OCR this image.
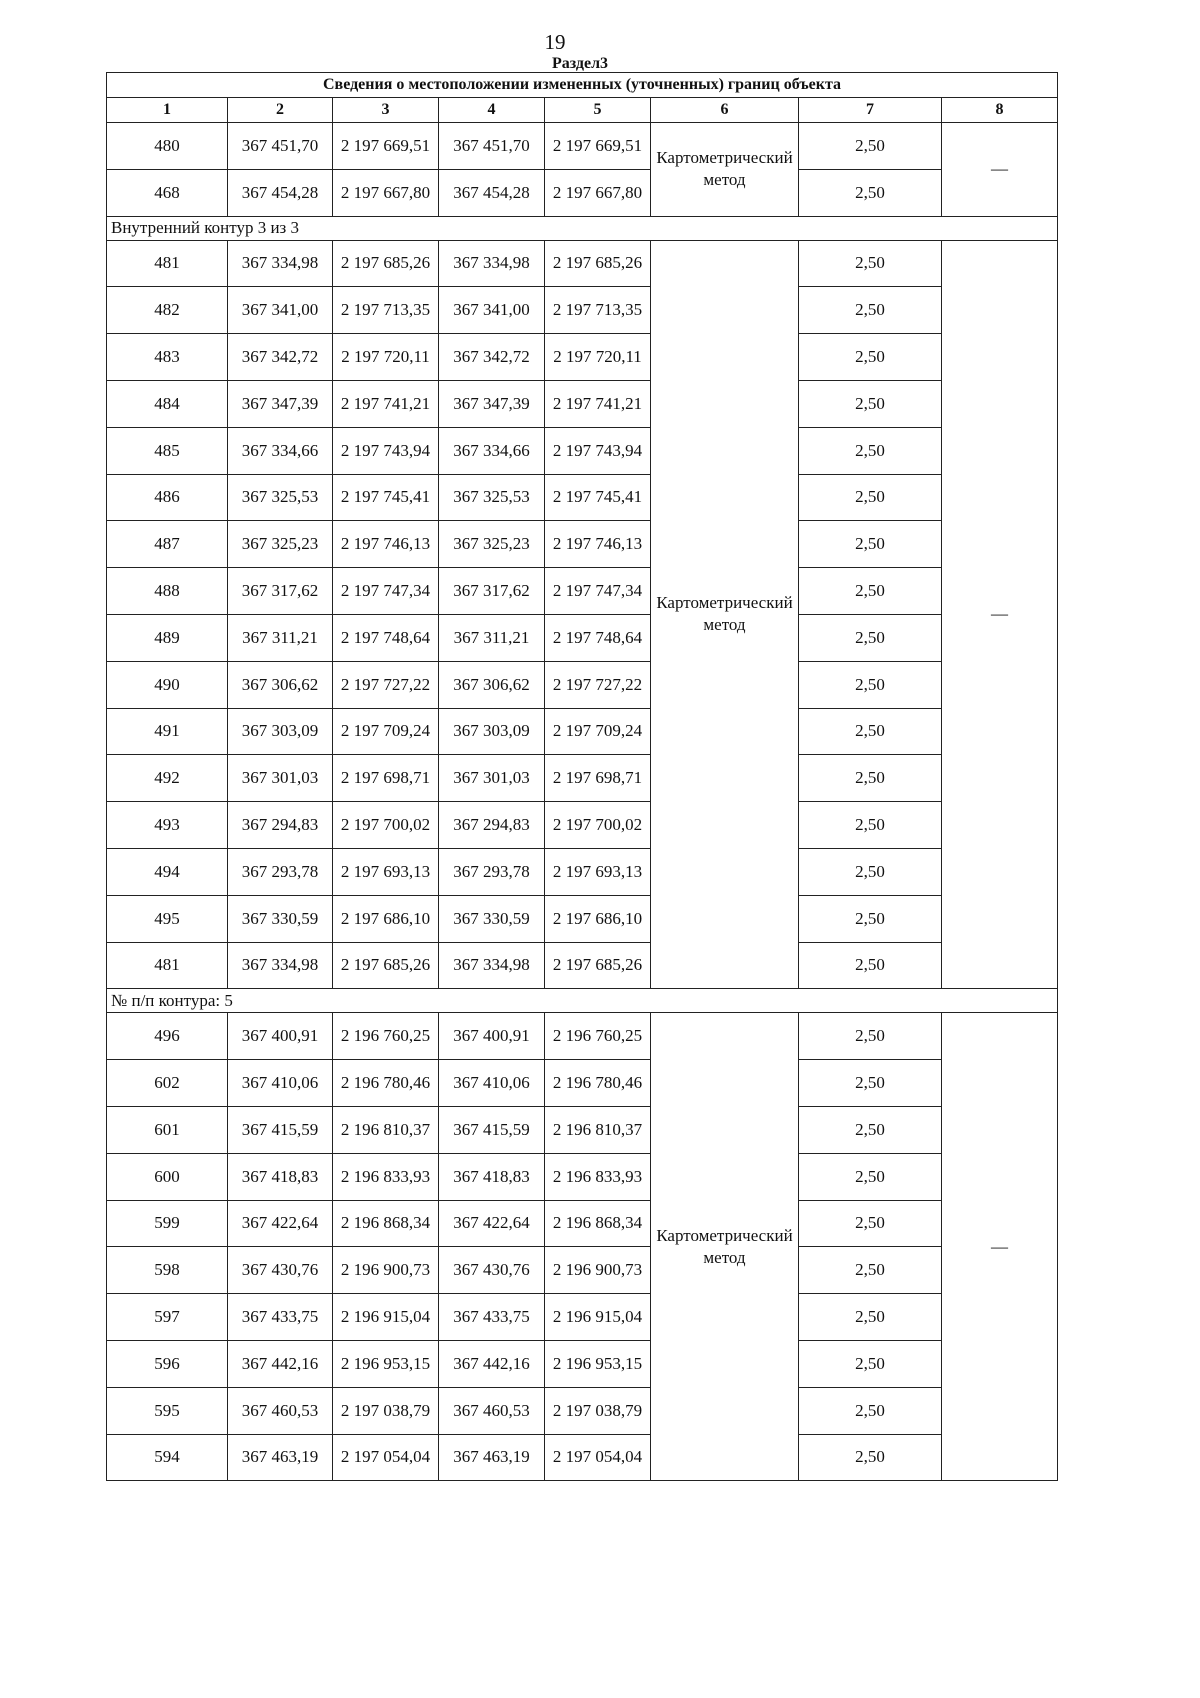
19
Раздел3
Сведения о местоположении измененных (уточненных) границ объекта							
1	2	3	4	5	6	7	8
480	367 451,70	2 197 669,51	367 451,70	2 197 669,51	Картометрический метод	2,50	—
468	367 454,28	2 197 667,80	367 454,28	2 197 667,80		2,50	
Внутренний контур 3 из 3							
481	367 334,98	2 197 685,26	367 334,98	2 197 685,26	Картометрический метод	2,50	—
482	367 341,00	2 197 713,35	367 341,00	2 197 713,35		2,50	
483	367 342,72	2 197 720,11	367 342,72	2 197 720,11		2,50	
484	367 347,39	2 197 741,21	367 347,39	2 197 741,21		2,50	
485	367 334,66	2 197 743,94	367 334,66	2 197 743,94		2,50	
486	367 325,53	2 197 745,41	367 325,53	2 197 745,41		2,50	
487	367 325,23	2 197 746,13	367 325,23	2 197 746,13		2,50	
488	367 317,62	2 197 747,34	367 317,62	2 197 747,34		2,50	
489	367 311,21	2 197 748,64	367 311,21	2 197 748,64		2,50	
490	367 306,62	2 197 727,22	367 306,62	2 197 727,22		2,50	
491	367 303,09	2 197 709,24	367 303,09	2 197 709,24		2,50	
492	367 301,03	2 197 698,71	367 301,03	2 197 698,71		2,50	
493	367 294,83	2 197 700,02	367 294,83	2 197 700,02		2,50	
494	367 293,78	2 197 693,13	367 293,78	2 197 693,13		2,50	
495	367 330,59	2 197 686,10	367 330,59	2 197 686,10		2,50	
481	367 334,98	2 197 685,26	367 334,98	2 197 685,26		2,50	
№ п/п контура: 5							
496	367 400,91	2 196 760,25	367 400,91	2 196 760,25	Картометрический метод	2,50	—
602	367 410,06	2 196 780,46	367 410,06	2 196 780,46		2,50	
601	367 415,59	2 196 810,37	367 415,59	2 196 810,37		2,50	
600	367 418,83	2 196 833,93	367 418,83	2 196 833,93		2,50	
599	367 422,64	2 196 868,34	367 422,64	2 196 868,34		2,50	
598	367 430,76	2 196 900,73	367 430,76	2 196 900,73		2,50	
597	367 433,75	2 196 915,04	367 433,75	2 196 915,04		2,50	
596	367 442,16	2 196 953,15	367 442,16	2 196 953,15		2,50	
595	367 460,53	2 197 038,79	367 460,53	2 197 038,79		2,50	
594	367 463,19	2 197 054,04	367 463,19	2 197 054,04		2,50	
